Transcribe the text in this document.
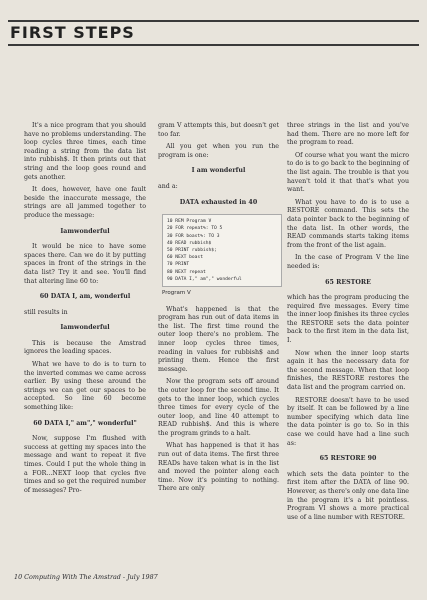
FIRST STEPS

It's a nice program that you should have no problems understanding. The loop cycles three times, each time reading a string from the data list into rubbish$. It then prints out that string and the loop goes round and gets another.

It does, however, have one fault beside the inaccurate message, the strings are all jammed together to produce the message:

Iamwonderful

It would be nice to have some spaces there. Can we do it by putting spaces in front of the strings in the data list? Try it and see. You'll find that altering line 60 to:

60 DATA I, am, wonderful

still results in

Iamwonderful

This is because the Amstrad ignores the leading spaces.

What we have to do is to turn to the inverted commas we came across earlier. By using these around the strings we can get our spaces to be accepted. So line 60 become something like:

60 DATA I," am"," wonderful"

Now, suppose I'm flushed with success at getting my spaces into the message and want to repeat it five times. Could I put the whole thing in a FOR...NEXT loop that cycles five times and so get the required number of messages? Pro-

gram V attempts this, but doesn't get too far.

All you get when you run the program is one:

I am wonderful

and a:

DATA exhausted in 40

10 REM Program V
20 FOR repeat%: TO 5
30 FOR boast%: TO 3
40 READ rubbish$
50 PRINT rubbish$;
60 NEXT boast
70 PRINT
80 NEXT repeat
90 DATA I," am"," wonderful
Program V

What's happened is that the program has run out of data items in the list. The first time round the outer loop there's no problem. The inner loop cycles three times, reading in values for rubbish$ and printing them. Hence the first message.

Now the program sets off around the outer loop for the second time. It gets to the inner loop, which cycles three times for every cycle of the outer loop, and line 40 attempt to READ rubbish$. And this is where the program grinds to a halt.

What has happened is that it has run out of data items. The first three READs have taken what is in the list and moved the pointer along each time. Now it's pointing to nothing. There are only

three strings in the list and you've had them. There are no more left for the program to read.

Of course what you want the micro to do is to go back to the beginning of the list again. The trouble is that you haven't told it that that's what you want.

What you have to do is to use a RESTORE command. This sets the data pointer back to the beginning of the data list. In other words, the READ commands starts taking items from the front of the list again.

In the case of Program V the line needed is:

65 RESTORE

which has the program producing the required five messages. Every time the inner loop finishes its three cycles the RESTORE sets the data pointer back to the first item in the data list, I.

Now when the inner loop starts again it has the necessary data for the second message. When that loop finishes, the RESTORE restores the data list and the program carried on.

RESTORE doesn't have to be used by itself. It can be followed by a line number specifying which data line the data pointer is go to. So in this case we could have had a line such as:

65 RESTORE 90

which sets the data pointer to the first item after the DATA of line 90. However, as there's only one data line in the program it's a bit pointless. Program VI shows a more practical use of a line number with RESTORE.

10 Computing With The Amstrad - July 1987
